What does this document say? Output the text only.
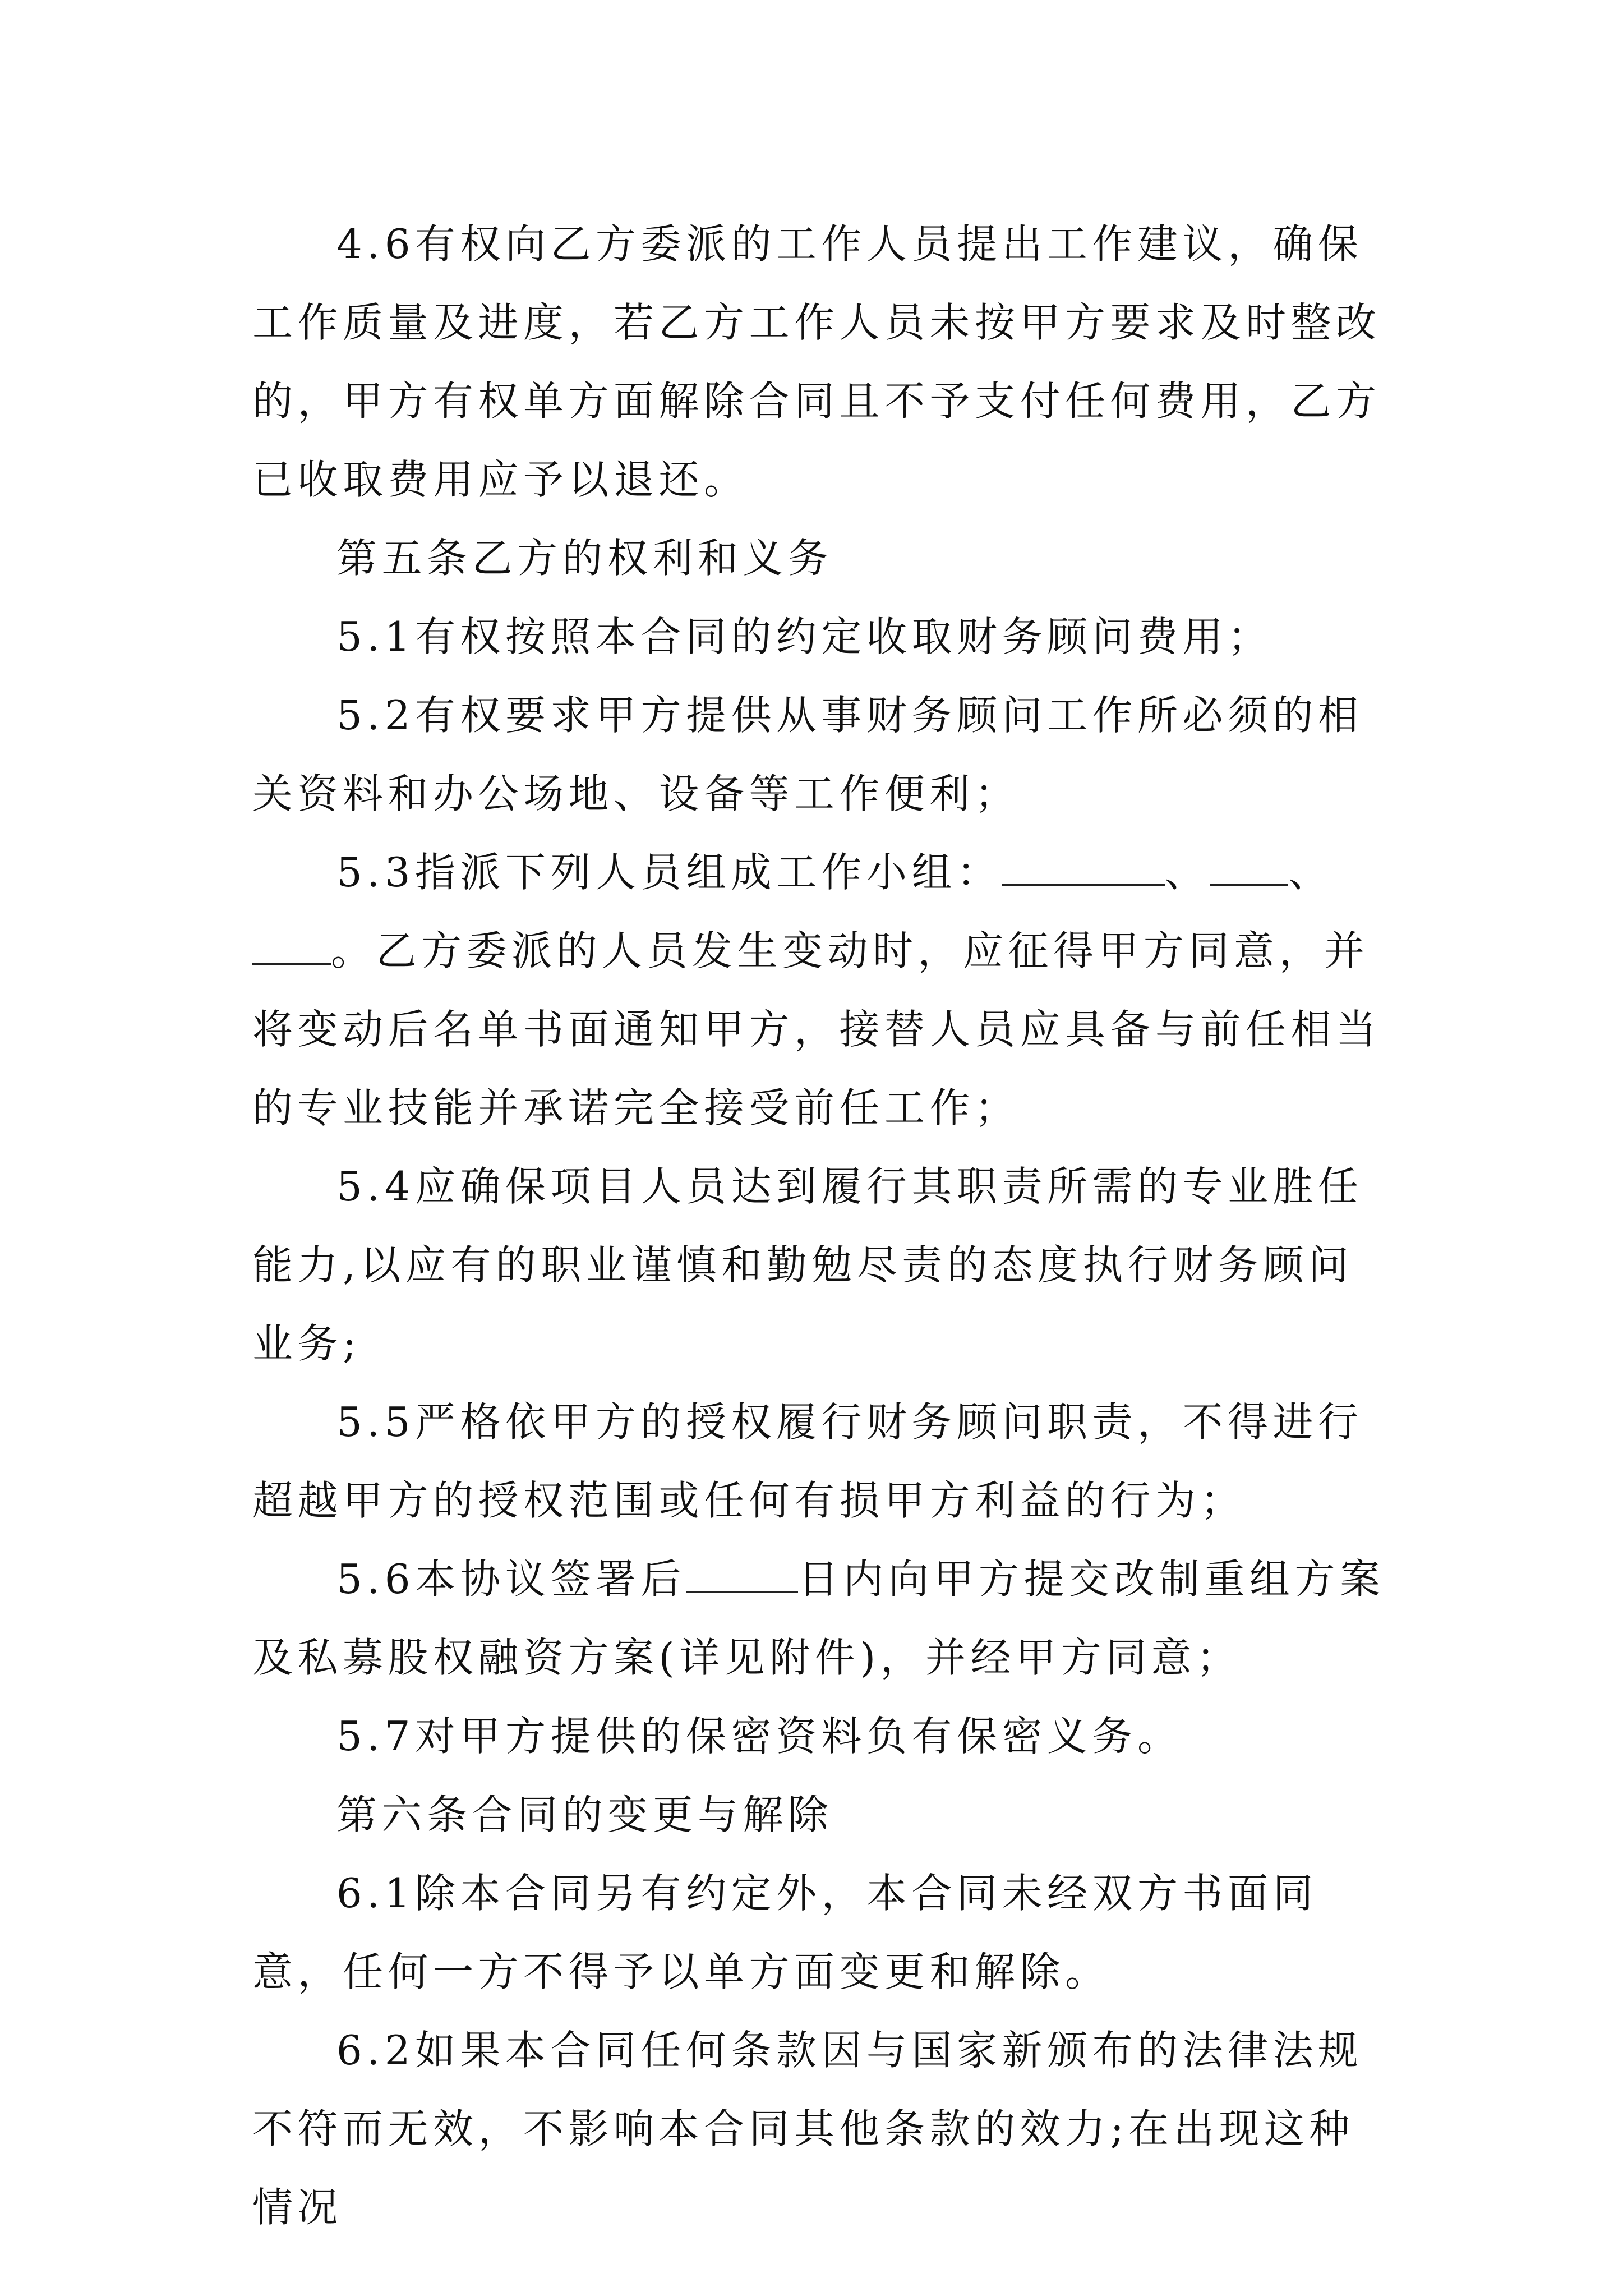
4.6有权向乙方委派的工作人员提出工作建议，确保工作质量及进度，若乙方工作人员未按甲方要求及时整改的，甲方有权单方面解除合同且不予支付任何费用，乙方已收取费用应予以退还。

第五条乙方的权利和义务

5.1有权按照本合同的约定收取财务顾问费用；

5.2有权要求甲方提供从事财务顾问工作所必须的相关资料和办公场地、设备等工作便利；

5.3指派下列人员组成工作小组：	、 、。乙方委派的人员发生变动时，应征得甲方同意，并将变动后名单书面通知甲方，接替人员应具备与前任相当的专业技能并承诺完全接受前任工作；

5.4应确保项目人员达到履行其职责所需的专业胜任能力,以应有的职业谨慎和勤勉尽责的态度执行财务顾问业务;

5.5严格依甲方的授权履行财务顾问职责，不得进行超越甲方的授权范围或任何有损甲方利益的行为；

5.6本协议签署后	日内向甲方提交改制重组方案及私募股权融资方案(详见附件)，并经甲方同意；

5.7对甲方提供的保密资料负有保密义务。

第六条合同的变更与解除

6.1除本合同另有约定外，本合同未经双方书面同意，任何一方不得予以单方面变更和解除。

6.2如果本合同任何条款因与国家新颁布的法律法规不符而无效，不影响本合同其他条款的效力;在出现这种情况
